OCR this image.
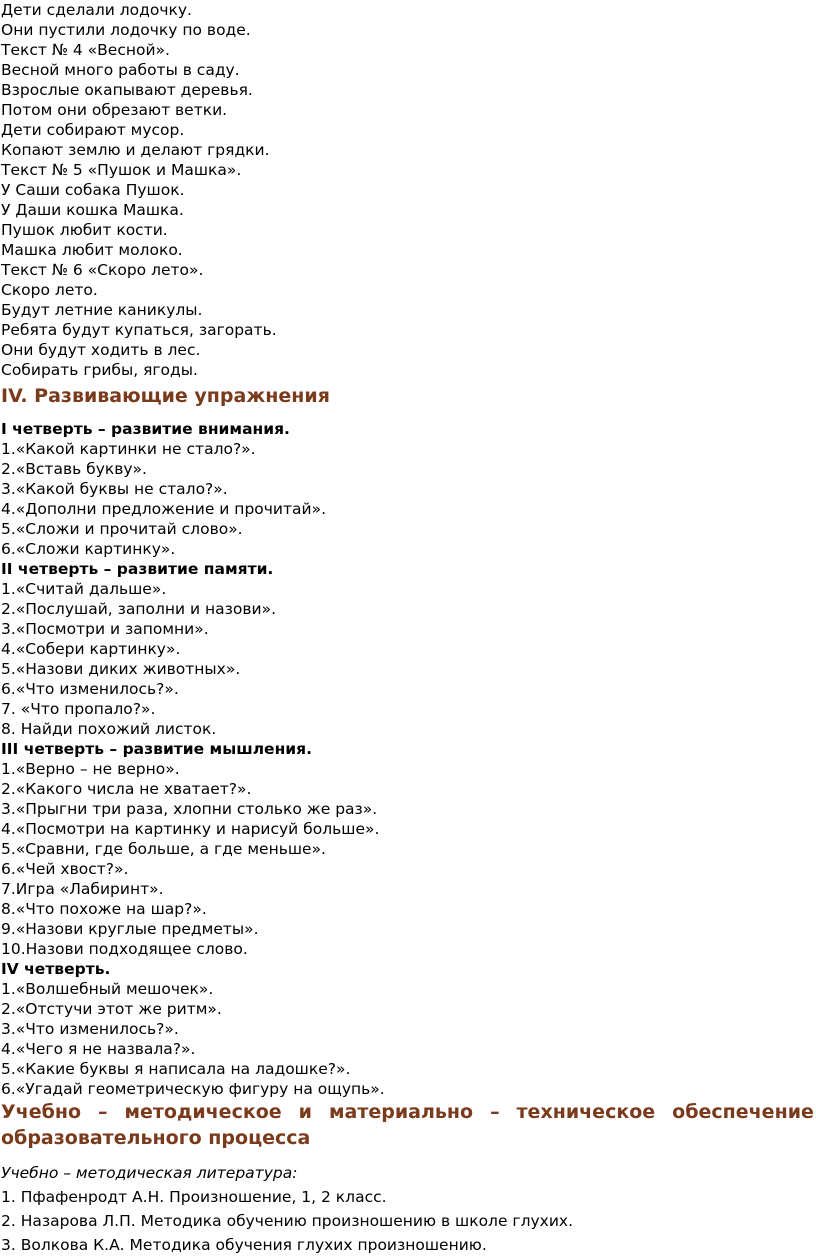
Дети сделали лодочку.
Они пустили лодочку по воде.
Текст № 4 «Весной».
Весной много работы в саду.
Взрослые окапывают деревья.
Потом они обрезают ветки.
Дети собирают мусор.
Копают землю и делают грядки.
Текст № 5 «Пушок и Машка».
У Саши собака Пушок.
У Даши кошка Машка.
Пушок любит кости.
Машка любит молоко.
Текст № 6 «Скоро лето».
Скоро лето.
Будут летние каникулы.
Ребята будут купаться, загорать.
Они будут ходить в лес.
Собирать грибы, ягоды.
IV. Развивающие упражнения
I четверть – развитие внимания.
1.«Какой картинки не стало?».
2.«Вставь букву».
3.«Какой буквы не стало?».
4.«Дополни предложение и прочитай».
5.«Сложи и прочитай слово».
6.«Сложи картинку».
II четверть – развитие памяти.
1.«Считай дальше».
2.«Послушай, заполни и назови».
3.«Посмотри и запомни».
4.«Собери картинку».
5.«Назови диких животных».
6.«Что изменилось?».
7. «Что пропало?».
8. Найди похожий листок.
III четверть – развитие мышления.
1.«Верно – не верно».
2.«Какого числа не хватает?».
3.«Прыгни три раза, хлопни столько же раз».
4.«Посмотри на картинку и нарисуй больше».
5.«Сравни, где больше, а где меньше».
6.«Чей хвост?».
7.Игра «Лабиринт».
8.«Что похоже на шар?».
9.«Назови круглые предметы».
10.Назови подходящее слово.
IV четверть.
1.«Волшебный мешочек».
2.«Отстучи этот же ритм».
3.«Что изменилось?».
4.«Чего я не назвала?».
5.«Какие буквы я написала на ладошке?».
6.«Угадай геометрическую фигуру на ощупь».
Учебно – методическое и материально – техническое обеспечение
образовательного процесса
Учебно – методическая литература:
1. Пфафенродт А.Н. Произношение, 1, 2 класс.
2. Назарова Л.П. Методика обучению произношению в школе глухих.
3. Волкова К.А. Методика обучения глухих произношению.
